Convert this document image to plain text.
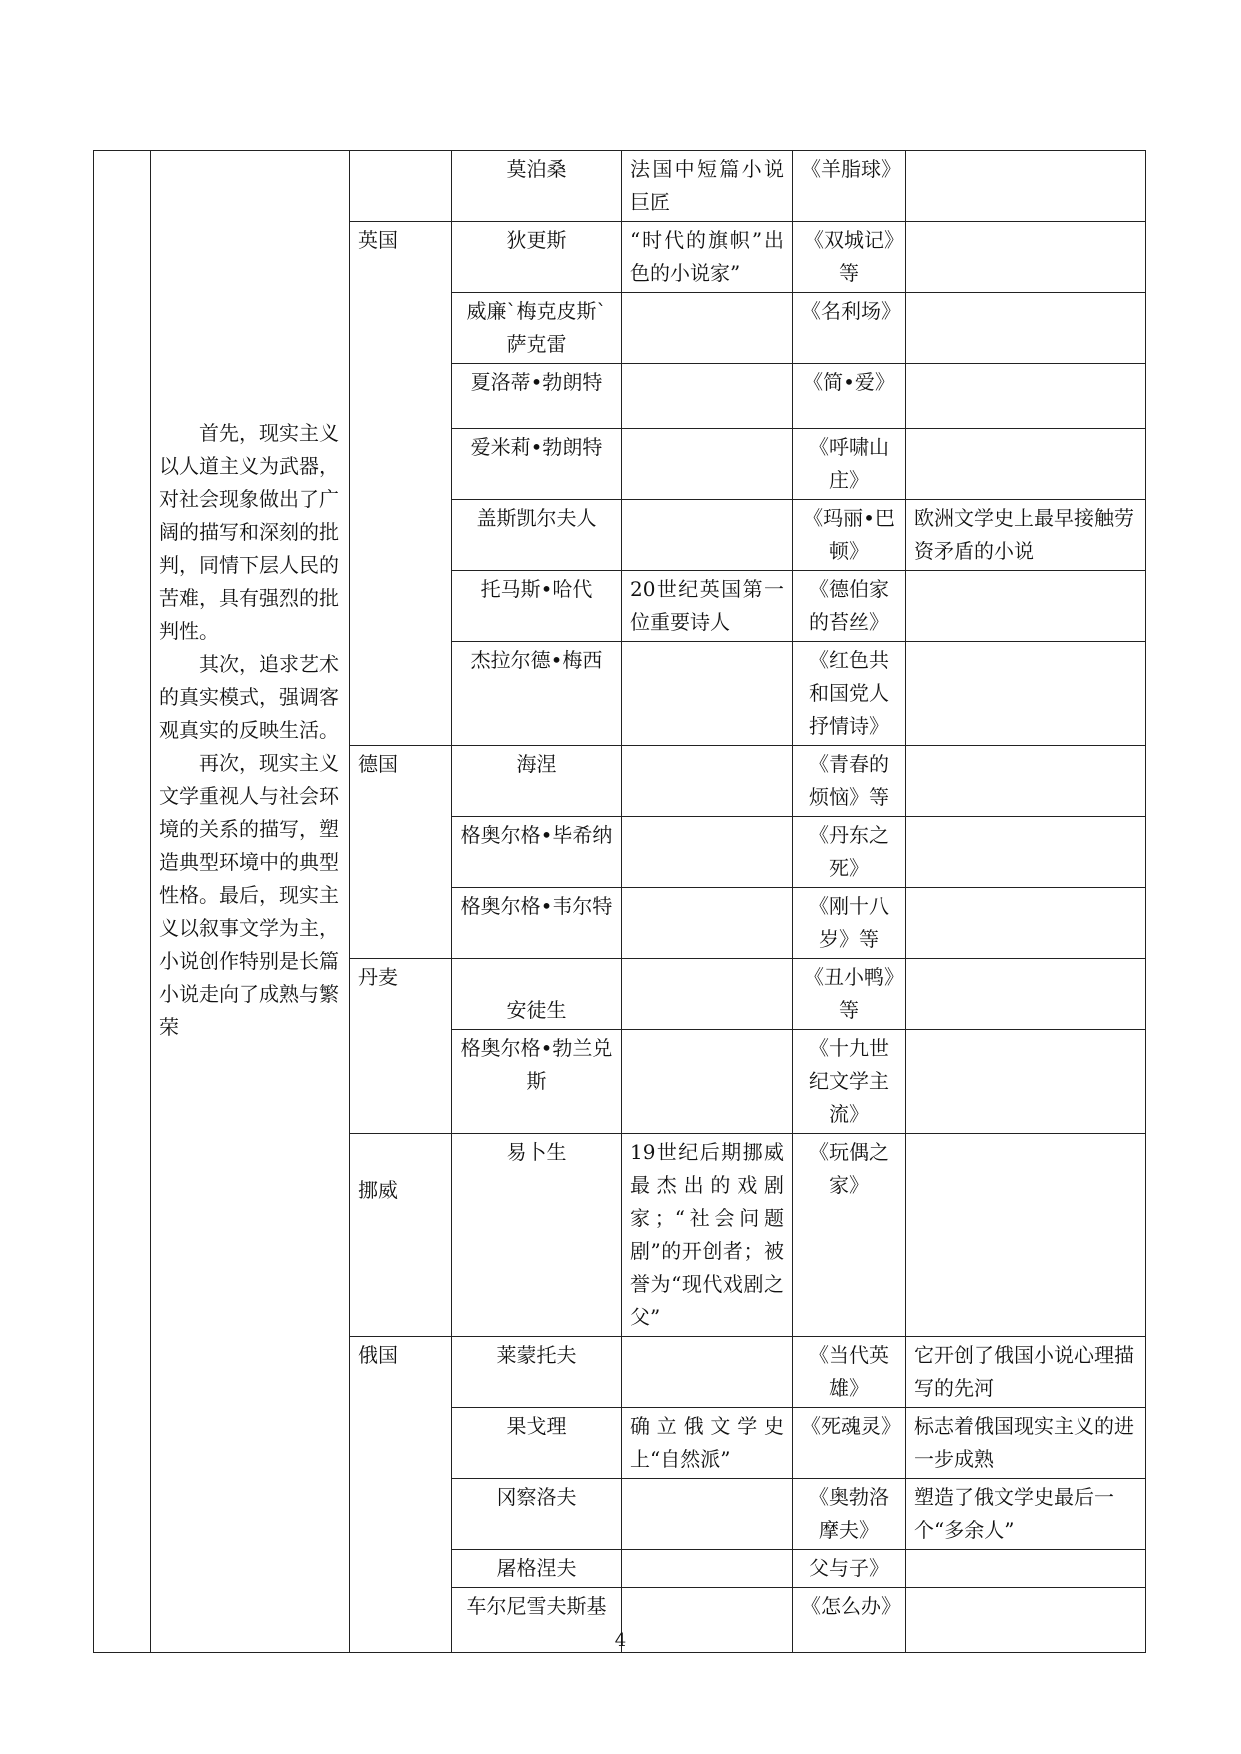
	首先，现实主义以人道主义为武器，对社会现象做出了广阔的描写和深刻的批判，同情下层人民的苦难，具有强烈的批判性。

其次，追求艺术的真实模式，强调客观真实的反映生活。

再次，现实主义文学重视人与社会环境的关系的描写，塑造典型环境中的典型性格。最后，现实主义以叙事文学为主，小说创作特别是长篇小说走向了成熟与繁荣		莫泊桑	法国中短篇小说巨匠	《羊脂球》	
		英国	狄更斯	“时代的旗帜”出色的小说家”	《双城记》等	
			威廉`梅克皮斯`萨克雷		《名利场》	
			夏洛蒂•勃朗特		《简•爱》	
			爱米莉•勃朗特		《呼啸山庄》	
			盖斯凯尔夫人		《玛丽•巴顿》	欧洲文学史上最早接触劳资矛盾的小说
			托马斯•哈代	20世纪英国第一位重要诗人	《德伯家的苔丝》	
			杰拉尔德•梅西		《红色共和国党人抒情诗》	
		德国	海涅		《青春的烦恼》等	
			格奥尔格•毕希纳		《丹东之死》	
			格奥尔格•韦尔特		《刚十八岁》等	
		丹麦	安徒生		《丑小鸭》等	
			格奥尔格•勃兰兑斯		《十九世纪文学主流》	
		挪威	易卜生	19世纪后期挪威最杰出的戏剧家；“社会问题剧”的开创者；被誉为“现代戏剧之父”	《玩偶之家》	
		俄国	莱蒙托夫		《当代英雄》	它开创了俄国小说心理描写的先河
			果戈理	确立俄文学史上“自然派”	《死魂灵》	标志着俄国现实主义的进一步成熟
			冈察洛夫		《奥勃洛摩夫》	塑造了俄文学史最后一个“多余人”
			屠格涅夫		父与子》	
			车尔尼雪夫斯基		《怎么办》	
4
